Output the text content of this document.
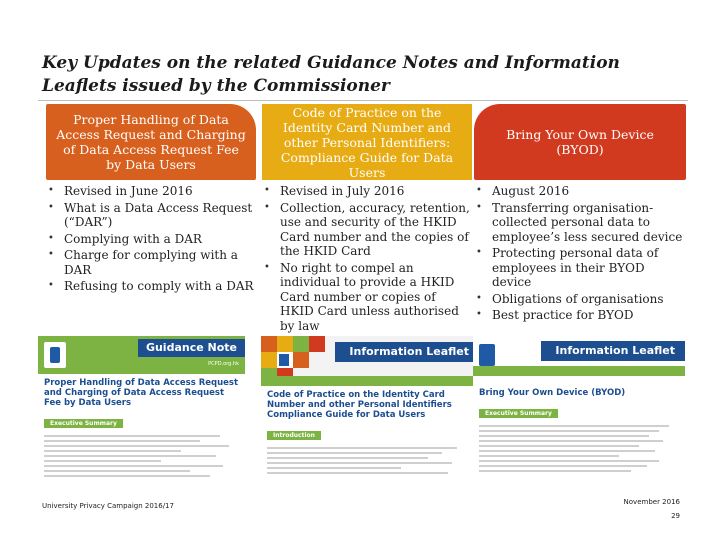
Key Updates on the related Guidance Notes and Information Leaflets issued by the Commissioner
Proper Handling of Data Access Request and Charging of Data Access Request Fee by Data Users
• Revised in June 2016
• What is a Data Access Request (“DAR”)
• Complying with a DAR
• Charge for complying with a DAR
• Refusing to comply with a DAR
Code of Practice on the Identity Card Number and other Personal Identifiers: Compliance Guide for Data Users
• Revised in July 2016
• Collection, accuracy, retention, use and security of the HKID Card number and the copies of the HKID Card
• No right to compel an individual to provide a HKID Card number or copies of HKID Card unless authorised by law
Bring Your Own Device (BYOD)
• August 2016
• Transferring organisation-collected personal data to employee’s less secured device
• Protecting personal data of employees in their BYOD device
• Obligations of organisations
• Best practice for BYOD
Guidance Note
PCPD.org.hk
Proper Handling of Data Access Request and Charging of Data Access Request Fee by Data Users
Executive Summary
Information Leaflet
Code of Practice on the Identity Card Number and other Personal Identifiers Compliance Guide for Data Users
Introduction
Information Leaflet
Bring Your Own Device (BYOD)
Executive Summary
University Privacy Campaign 2016/17	November 2016
29
